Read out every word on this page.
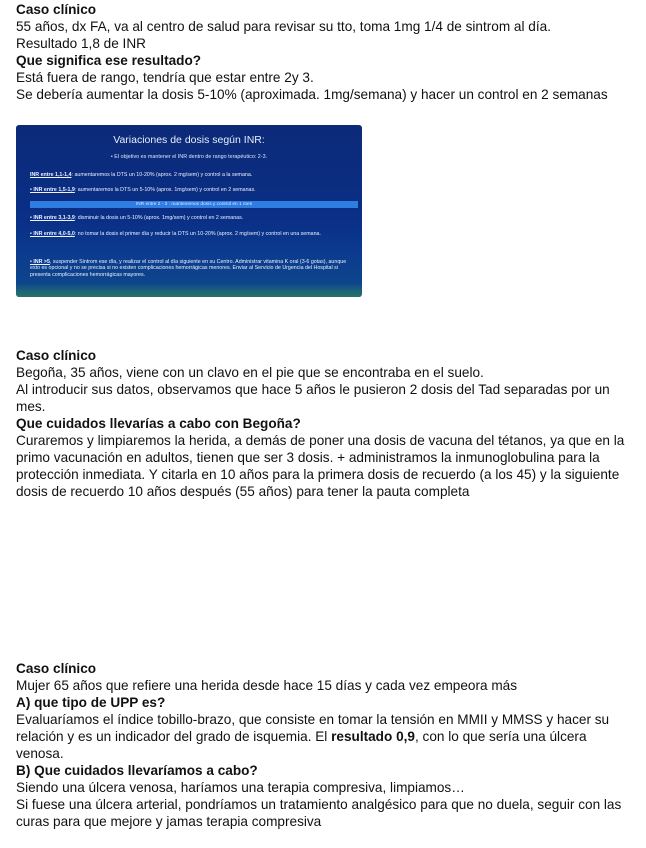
Caso clínico

55 años, dx FA, va al centro de salud para revisar su tto, toma 1mg 1/4 de sintrom al día.

Resultado 1,8 de INR

Que significa ese resultado?

Está fuera de rango, tendría que estar entre 2y 3.

Se debería aumentar la dosis 5-10% (aproximada. 1mg/semana) y hacer un control en 2 semanas

Variaciones de dosis según INR:
• El objetivo es mantener el INR dentro de rango terapéutico: 2-3.
INR entre 1,1-1,4: aumentaremos la DTS un 10-20% (aprox. 2 mg/sem) y control a la semana.
• INR entre 1,5-1,9: aumentaremos la DTS un 5-10% (aprox. 1mg/sem) y control en 2 semanas.
INR entre 2 - 3 : mantenemos dosis y control en 1 mes
• INR entre 3,1-3,9: disminuir la dosis un 5-10% (aprox. 1mg/sem) y control en 2 semanas.
• INR entre 4,0-5,0: no tomar la dosis el primer día y reducir la DTS un 10-20% (aprox. 2 mg/sem) y control en una semana.
• INR >5, suspender Sintrom ese día, y realizar el control al día siguiente en su Centro. Administrar vitamina K oral (3-6 gotas), aunque esto es opcional y no se precisa si no existen complicaciones hemorrágicas menores. Enviar al Servicio de Urgencia del Hospital si presenta complicaciones hemorrágicas mayores.

Caso clínico

Begoña, 35 años, viene con un clavo en el pie que se encontraba en el suelo.

Al introducir sus datos, observamos que hace 5 años le pusieron 2 dosis del Tad separadas por un mes.

Que cuidados llevarías a cabo con Begoña?

Curaremos y limpiaremos la herida, a demás de poner una dosis de vacuna del tétanos, ya que en la primo vacunación en adultos, tienen que ser 3 dosis. + administramos la inmunoglobulina para la protección inmediata. Y citarla en 10 años para la primera dosis de recuerdo (a los 45) y la siguiente dosis de recuerdo 10 años después (55 años) para tener la pauta completa

Caso clínico

Mujer 65 años que refiere una herida desde hace 15 días y cada vez empeora más

A) que tipo de UPP es?

Evaluaríamos el índice tobillo-brazo, que consiste en tomar la tensión en MMII y MMSS y hacer su relación y es un indicador del grado de isquemia. El resultado 0,9, con lo que sería una úlcera venosa.

B) Que cuidados llevaríamos a cabo?

Siendo una úlcera venosa, haríamos una terapia compresiva, limpiamos…

Si fuese una úlcera arterial, pondríamos un tratamiento analgésico para que no duela, seguir con las curas para que mejore y jamas terapia compresiva
